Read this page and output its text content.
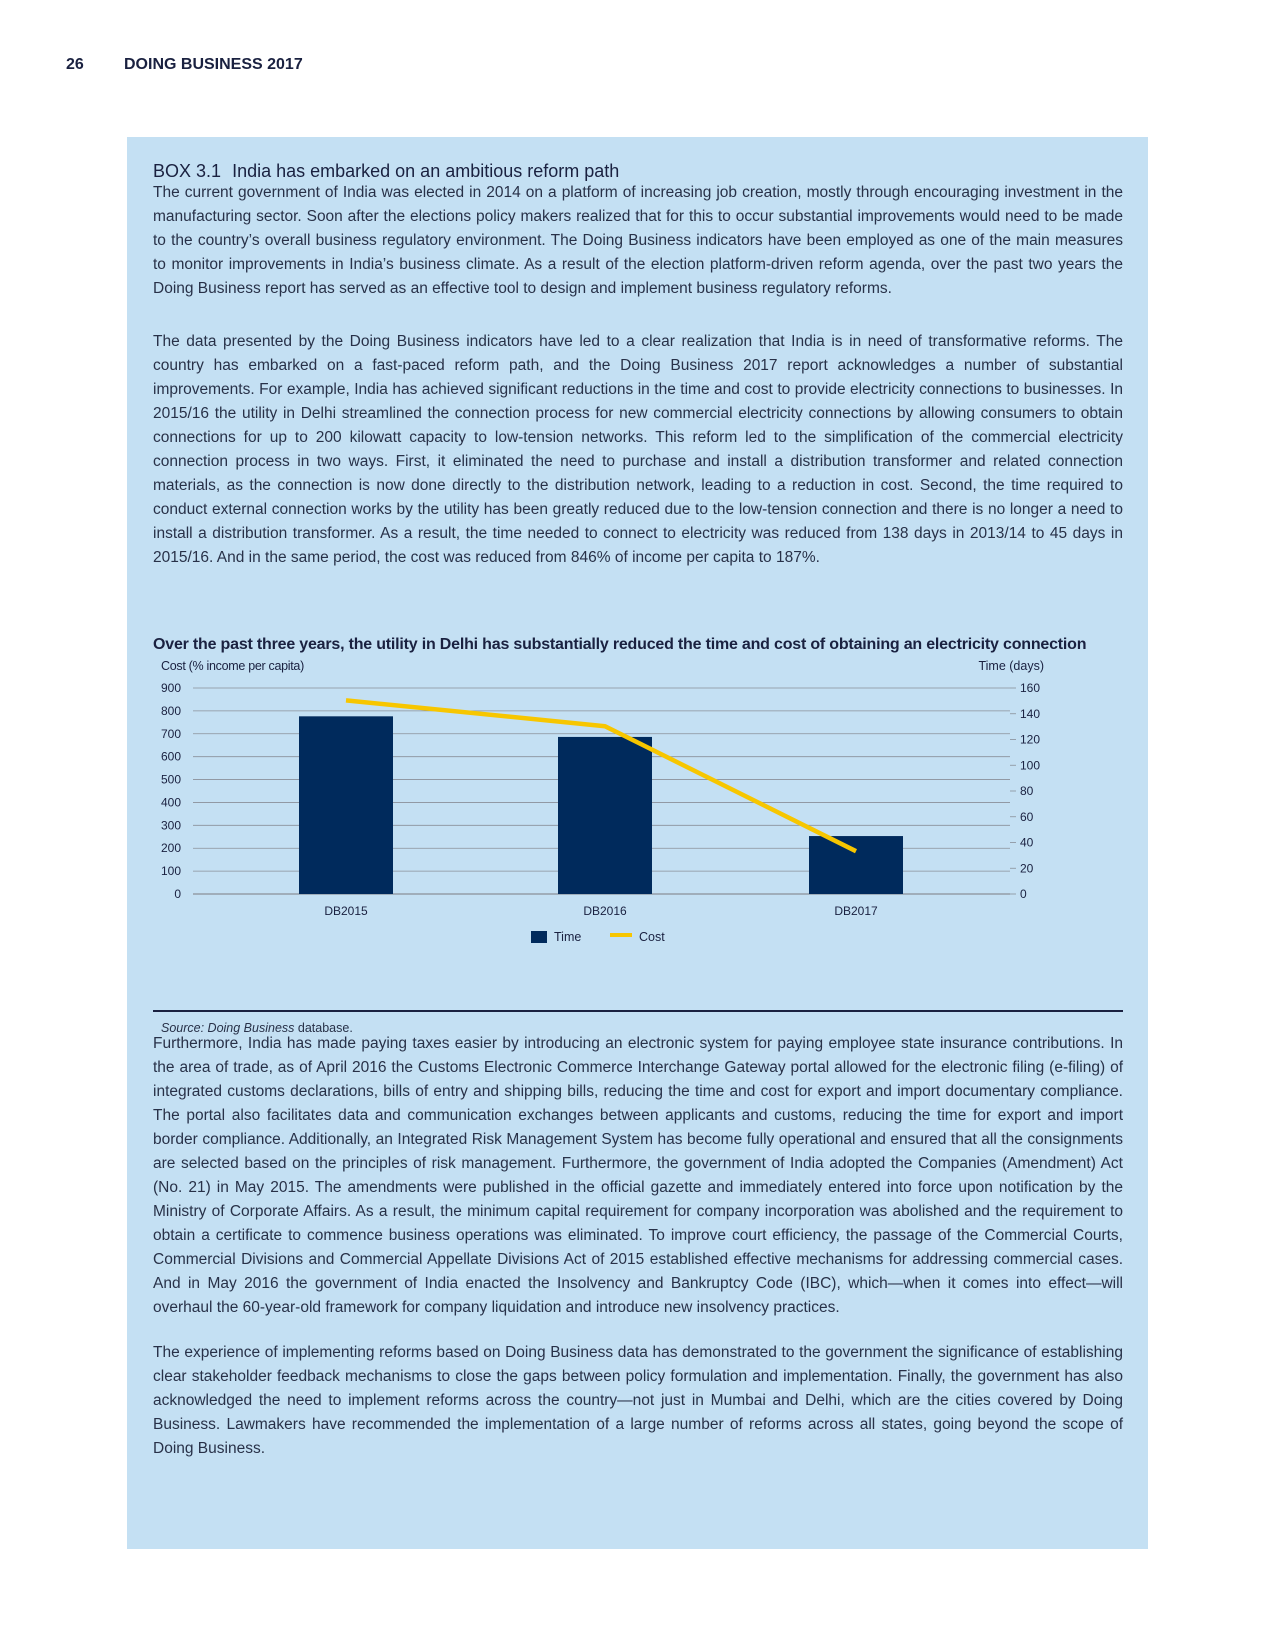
26	DOING BUSINESS 2017
BOX 3.1 India has embarked on an ambitious reform path

The current government of India was elected in 2014 on a platform of increasing job creation, mostly through encouraging investment in the manufacturing sector. Soon after the elections policy makers realized that for this to occur substantial improvements would need to be made to the country’s overall business regulatory environment. The Doing Business indicators have been employed as one of the main measures to monitor improvements in India’s business climate. As a result of the election platform-driven reform agenda, over the past two years the Doing Business report has served as an effective tool to design and implement business regulatory reforms.

The data presented by the Doing Business indicators have led to a clear realization that India is in need of transformative reforms. The country has embarked on a fast-paced reform path, and the Doing Business 2017 report acknowledges a number of substantial improvements. For example, India has achieved significant reductions in the time and cost to provide electricity connections to businesses. In 2015/16 the utility in Delhi streamlined the connection process for new commercial electricity connections by allowing consumers to obtain connections for up to 200 kilowatt capacity to low-tension networks. This reform led to the simplification of the commercial electricity connection process in two ways. First, it eliminated the need to purchase and install a distribution transformer and related connection materials, as the connection is now done directly to the distribution network, leading to a reduction in cost. Second, the time required to conduct external connection works by the utility has been greatly reduced due to the low-tension connection and there is no longer a need to install a distribution transformer. As a result, the time needed to connect to electricity was reduced from 138 days in 2013/14 to 45 days in 2015/16. And in the same period, the cost was reduced from 846% of income per capita to 187%.

Over the past three years, the utility in Delhi has substantially reduced the time and cost of obtaining an electricity connection
Cost (% income per capita)	Time (days)
0
100
200
300
400
500
600
700
800
900
0
20
40
60
80
100
120
140
160
DB2015	DB2016	DB2017
Time	Cost
Source: Doing Business database.

Furthermore, India has made paying taxes easier by introducing an electronic system for paying employee state insurance contributions. In the area of trade, as of April 2016 the Customs Electronic Commerce Interchange Gateway portal allowed for the electronic filing (e-filing) of integrated customs declarations, bills of entry and shipping bills, reducing the time and cost for export and import documentary compliance. The portal also facilitates data and communication exchanges between applicants and customs, reducing the time for export and import border compliance. Additionally, an Integrated Risk Management System has become fully operational and ensured that all the consignments are selected based on the principles of risk management. Furthermore, the government of India adopted the Companies (Amendment) Act (No. 21) in May 2015. The amendments were published in the official gazette and immediately entered into force upon notification by the Ministry of Corporate Affairs. As a result, the minimum capital requirement for company incorporation was abolished and the requirement to obtain a certificate to commence business operations was eliminated. To improve court efficiency, the passage of the Commercial Courts, Commercial Divisions and Commercial Appellate Divisions Act of 2015 established effective mechanisms for addressing commercial cases. And in May 2016 the government of India enacted the Insolvency and Bankruptcy Code (IBC), which—when it comes into effect—will overhaul the 60-year-old framework for company liquidation and introduce new insolvency practices.

The experience of implementing reforms based on Doing Business data has demonstrated to the government the significance of establishing clear stakeholder feedback mechanisms to close the gaps between policy formulation and implementation. Finally, the government has also acknowledged the need to implement reforms across the country—not just in Mumbai and Delhi, which are the cities covered by Doing Business. Lawmakers have recommended the implementation of a large number of reforms across all states, going beyond the scope of Doing Business.
